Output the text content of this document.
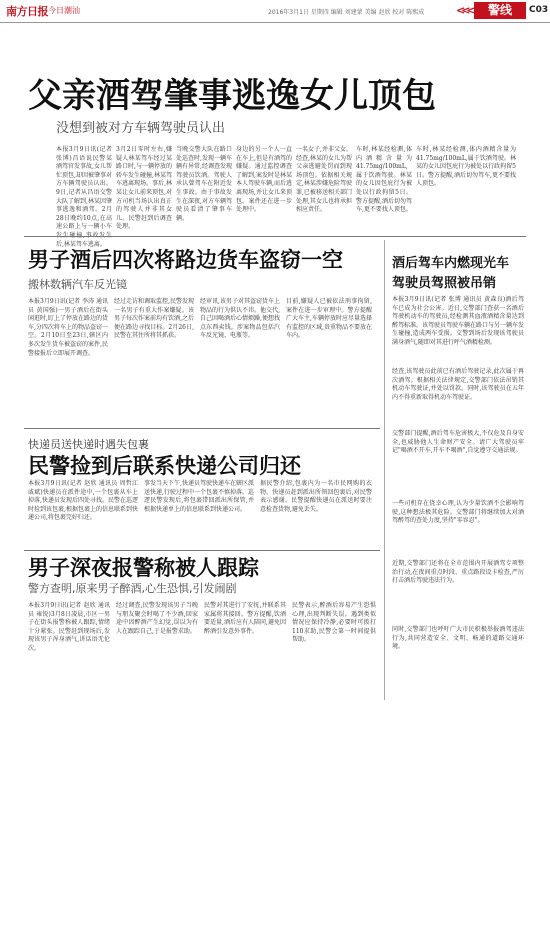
南方日报 今日潮汕	2016年3月1日 星期四 编辑 刘建蒙 美编 赵欣 校对 陈熙成	<<<	警线	C03
父亲酒驾肇事逃逸女儿顶包
没想到被对方车辆驾驶员认出
本报3月9日讯(记者 张博)昌语说民警某酒驾官发事故,女儿帮忙顶包,却因被肇事对方车辆驾驶员认出。9日,记者从昌语交警大队了解到,林某因肇事逃逸和酒驾。2月28日晚约10点,在高速公路上与一辆小车发生碰撞,事故发生后,林某驾车逃离。
3月2日零时左右,嫌疑人林某驾车经过某路口时,与一辆停放的轿车发生碰撞,林某驾车逃离现场。事后,林某让女儿前来顶包,对方司机当场认出真正的驾驶人并非其女儿。民警赶到后调查处理。
当晚交警大队在路口处巡查时,发现一辆车辆有异常,经调查发现驾驶员饮酒。驾驶人承认曾驾车在附近发生事故。由于事故发生在深夜,对方车辆驾驶员看清了肇事车辆。
身边的另一个人一直在车上,但是有酒驾的嫌疑。通过监控调查了解到,案发时是林某本人驾驶车辆,而后逃离现场,并让女儿来顶包。案件还在进一步处理中。
一名女子,并非父女。经查,林某的女儿为帮父亲逃避处罚而到现场顶包。依据相关规定,林某涉嫌危险驾驶罪,已被移送相关部门处理,其女儿也将承担相应责任。
车时,林某经检测,体内酒精含量为41.75mg/100mL,属于饮酒驾驶。林某的女儿因包庇行为被处以行政拘留5日。警方提醒,酒后切勿驾车,更不要找人顶包。
车时,林某经检测,体内酒精含量为41.75mg/100mL,属于饮酒驾驶。林某的女儿因包庇行为被处以行政拘留5日。警方提醒,酒后切勿驾车,更不要找人顶包。
男子酒后四次将路边货车盗窃一空
搬林数辆汽车反光镜
本报3月9日讯(记者 李涛 通讯员 黄国强)一男子酒后在街头闲逛时,盯上了停放在路边的货车,分四次将车上的物品盗窃一空。2月10日至23日,辖区内多次发生货车被盗窃的案件,民警接报后立即展开调查。
经过走访和调取监控,民警发现一名男子有重大作案嫌疑。该男子每次作案前均有饮酒,之后便在路边寻找目标。2月26日,民警在其住所将其抓获。
经审讯,该男子对其盗窃货车上物品的行为供认不讳。他交代,自己因喝酒后心情烦躁,便想找点东西卖钱。涉案物品包括汽车反光镜、电瓶等。
目前,嫌疑人已被依法刑事拘留,案件在进一步审理中。警方提醒广大车主,车辆停放时应尽量选择有监控的区域,贵重物品不要放在车内。
快递员送快递时遇失包裹
民警捡到后联系快递公司归还
本报3月9日讯(记者 赵欣 通讯员 周哲江 戚斌)快递员在派件途中,一个包裹从车上掉落,快递员发现后四处寻找。民警在巡逻时捡到该包裹,根据包裹上的信息联系到快递公司,将包裹完好归还。
事发当天下午,快递员驾驶快递车在辖区派送快递,行驶过程中一个包裹不慎掉落。巡逻民警发现后,将包裹带回派出所保管,并根据快递单上的信息联系到快递公司。
据民警介绍,包裹内为一名市民网购的衣物。快递员赶到派出所领回包裹后,对民警表示感谢。民警提醒快递员在派送时要注意检查货物,避免丢失。
男子深夜报警称被人跟踪
警方查明,原来男子醉酒,心生恐惧,引发闹剧
本报3月9日讯(记者 赵欣 通讯员 雍锐)3月8日凌晨,市区一男子在街头报警称被人跟踪,情绪十分紧张。民警赶到现场后,发现该男子浑身酒气,讲话语无伦次。
经过调查,民警发现该男子当晚与朋友聚会时喝了不少酒,回家途中因醉酒产生幻觉,误以为有人在跟踪自己,于是报警求助。
民警对其进行了安抚,并联系其家属将其接回。警方提醒,饮酒要适量,酒后应有人陪同,避免因醉酒引发意外事件。
民警表示,醉酒后容易产生恐惧心理,出现判断失误。遇到类似情况应保持冷静,必要时可拨打110求助,民警会第一时间提供帮助。
酒后驾车内燃现光车
驾驶员驾照被吊销
本报3月9日讯(记者 张博 通讯员 黄森良)酒后驾车已成为社会公害。近日,交警部门查获一名酒后驾驶机动车的驾驶员,经检测其血液酒精含量达到醉驾标准。该驾驶员驾驶车辆在路口与另一辆车发生碰撞,造成两车受损。交警到场后发现该驾驶员满身酒气,随即对其进行呼气酒精检测。
经查,该驾驶员此前已有酒后驾驶记录,此次属于再次酒驾。根据相关法律规定,交警部门依法吊销其机动车驾驶证,并处以罚款。同时,该驾驶员在五年内不得重新取得机动车驾驶证。
交警部门提醒,酒后驾车危害极大,不仅危及自身安全,也威胁他人生命财产安全。请广大驾驶员牢记"喝酒不开车,开车不喝酒",自觉遵守交通法规。
一些司机存在侥幸心理,认为少量饮酒不会影响驾驶,这种想法极其危险。交警部门将继续加大对酒驾醉驾的查处力度,坚持"零容忍"。
近期,交警部门还将在全市范围内开展酒驾专项整治行动,在夜间重点时段、重点路段设卡检查,严厉打击酒后驾驶违法行为。
同时,交警部门也呼吁广大市民积极举报酒驾违法行为,共同营造安全、文明、畅通的道路交通环境。
